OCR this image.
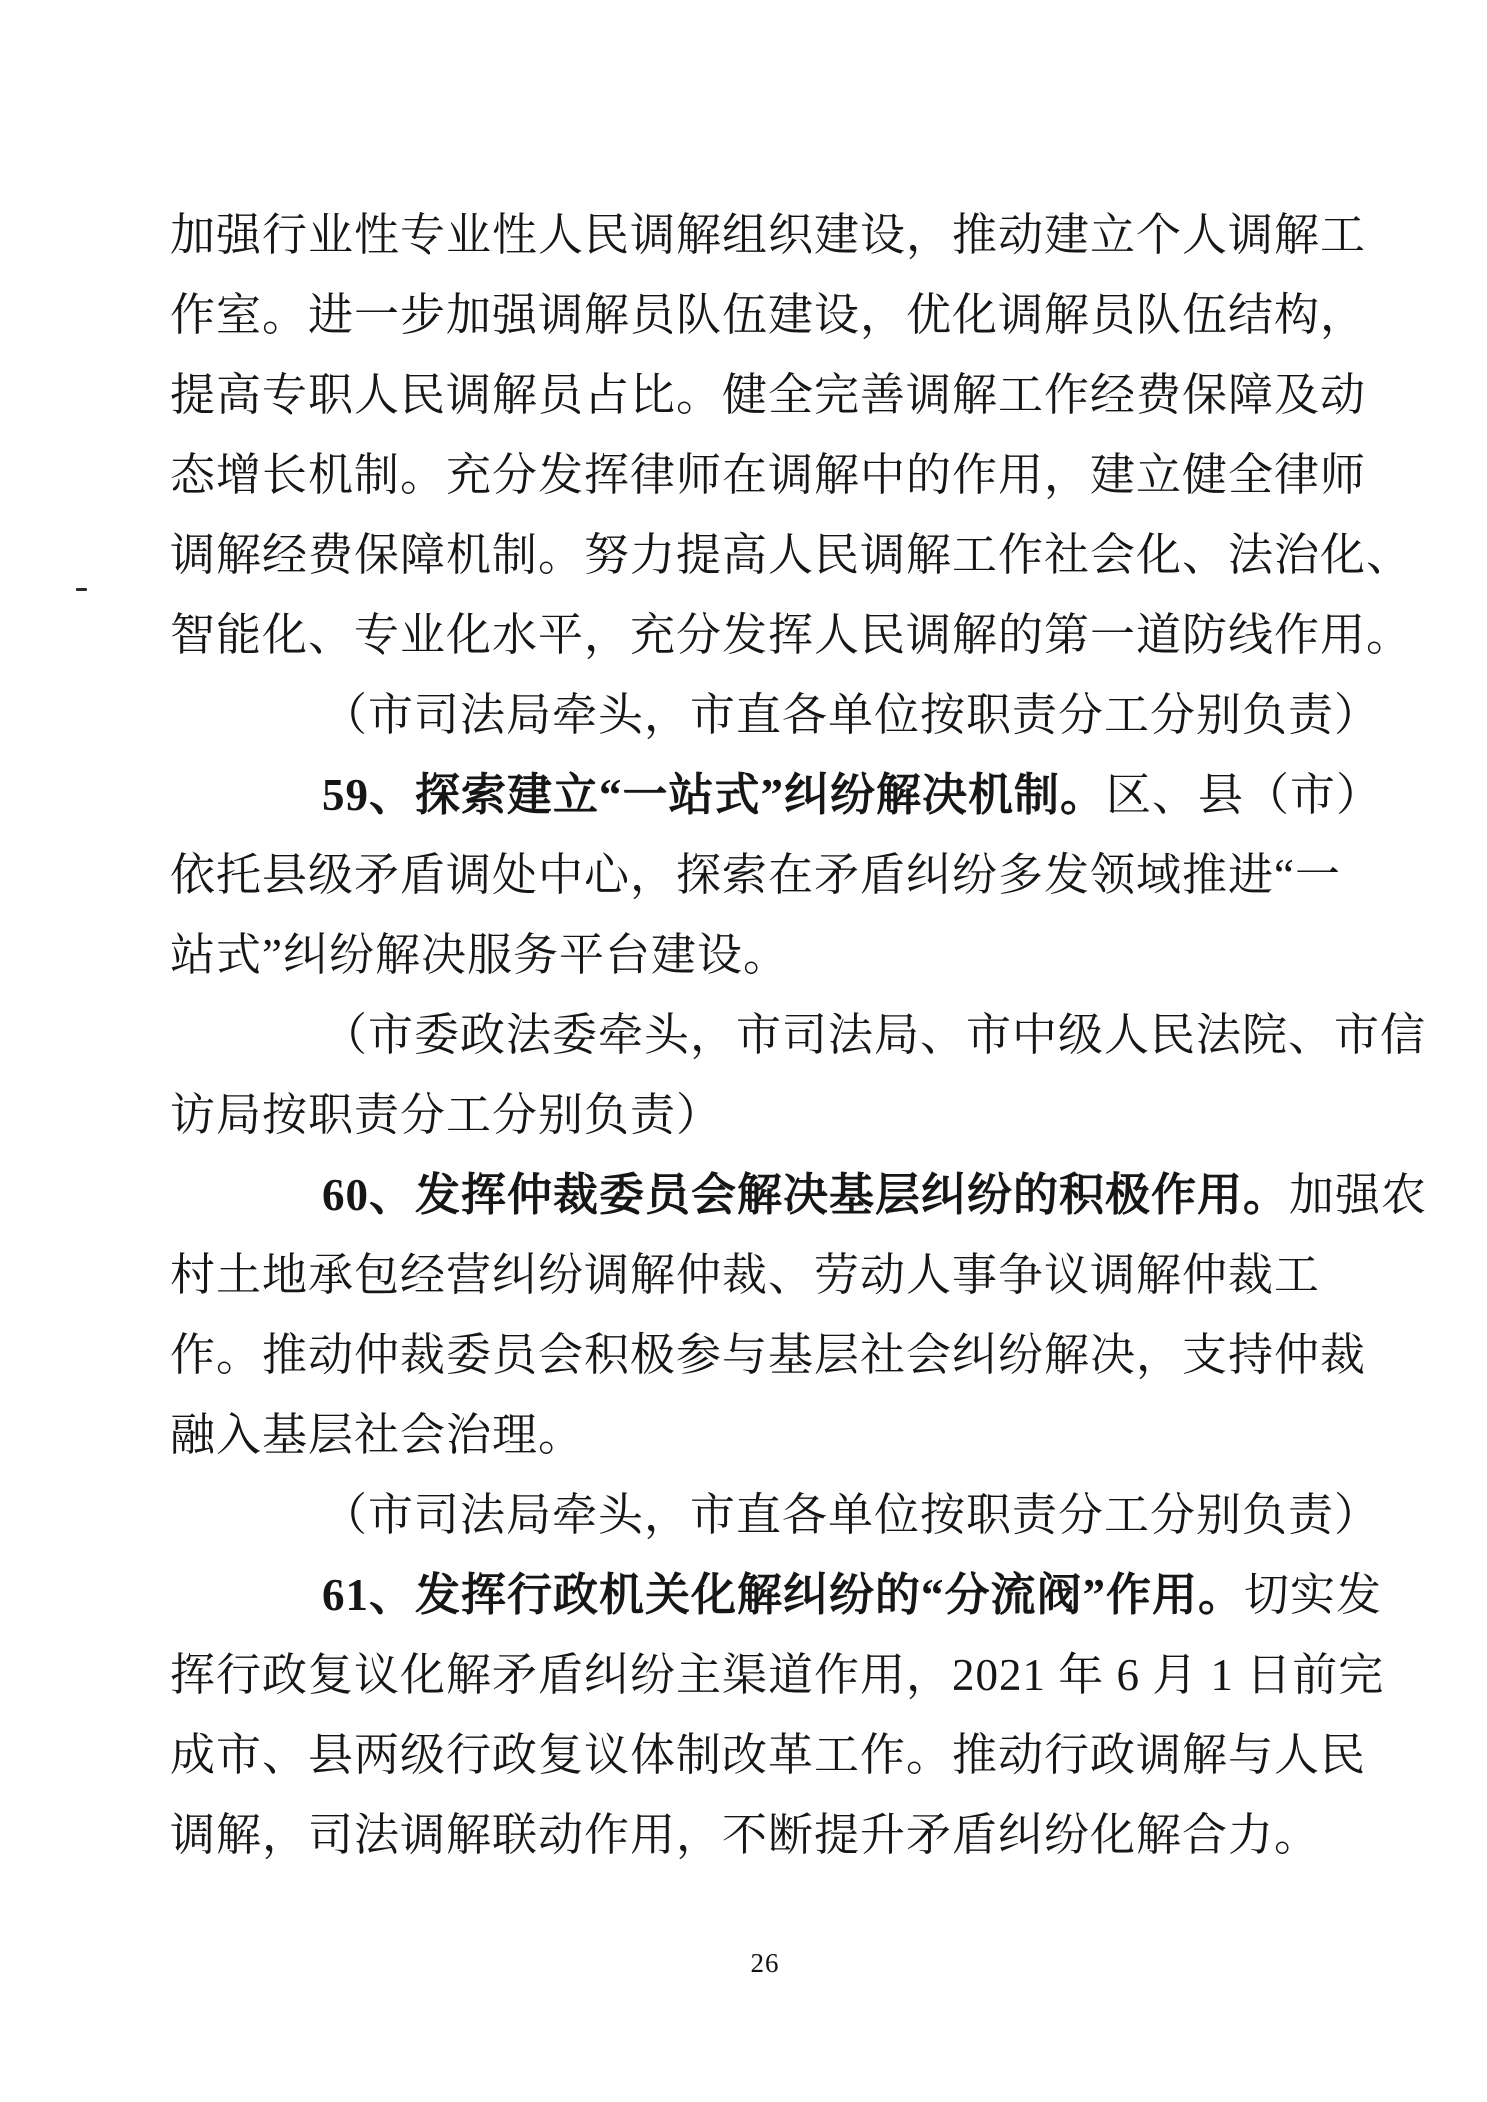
加强行业性专业性人民调解组织建设，推动建立个人调解工
作室。进一步加强调解员队伍建设，优化调解员队伍结构，
提高专职人民调解员占比。健全完善调解工作经费保障及动
态增长机制。充分发挥律师在调解中的作用，建立健全律师
调解经费保障机制。努力提高人民调解工作社会化、法治化、
智能化、专业化水平，充分发挥人民调解的第一道防线作用。
（市司法局牵头，市直各单位按职责分工分别负责）
59、探索建立“一站式”纠纷解决机制。区、县（市）
依托县级矛盾调处中心，探索在矛盾纠纷多发领域推进“一
站式”纠纷解决服务平台建设。
（市委政法委牵头，市司法局、市中级人民法院、市信
访局按职责分工分别负责）
60、发挥仲裁委员会解决基层纠纷的积极作用。加强农
村土地承包经营纠纷调解仲裁、劳动人事争议调解仲裁工
作。推动仲裁委员会积极参与基层社会纠纷解决，支持仲裁
融入基层社会治理。
（市司法局牵头，市直各单位按职责分工分别负责）
61、发挥行政机关化解纠纷的“分流阀”作用。切实发
挥行政复议化解矛盾纠纷主渠道作用，2021 年 6 月 1 日前完
成市、县两级行政复议体制改革工作。推动行政调解与人民
调解，司法调解联动作用，不断提升矛盾纠纷化解合力。
26
